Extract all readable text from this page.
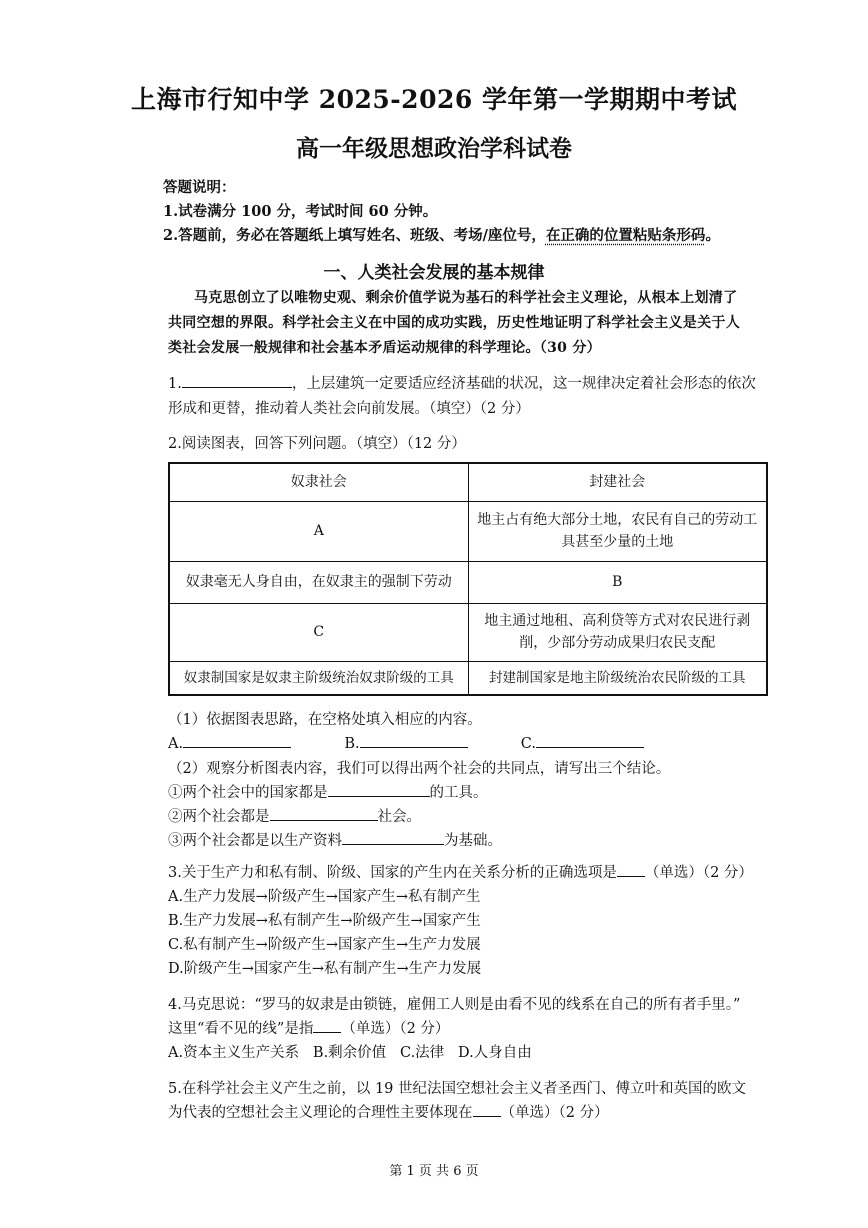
上海市行知中学 2025-2026 学年第一学期期中考试
高一年级思想政治学科试卷
答题说明：
1.试卷满分 100 分，考试时间 60 分钟。
2.答题前，务必在答题纸上填写姓名、班级、考场/座位号，在正确的位置粘贴条形码。
一、人类社会发展的基本规律
马克思创立了以唯物史观、剩余价值学说为基石的科学社会主义理论，从根本上划清了
共同空想的界限。科学社会主义在中国的成功实践，历史性地证明了科学社会主义是关于人
类社会发展一般规律和社会基本矛盾运动规律的科学理论。（30 分）
1.	，上层建筑一定要适应经济基础的状况，这一规律决定着社会形态的依次
形成和更替，推动着人类社会向前发展。（填空）（2 分）
2.阅读图表，回答下列问题。（填空）（12 分）
奴隶社会	封建社会
A	地主占有绝大部分土地，农民有自己的劳动工具甚至少量的土地
奴隶毫无人身自由，在奴隶主的强制下劳动	B
C	地主通过地租、高利贷等方式对农民进行剥削，少部分劳动成果归农民支配
奴隶制国家是奴隶主阶级统治奴隶阶级的工具	封建制国家是地主阶级统治农民阶级的工具
（1）依据图表思路，在空格处填入相应的内容。
A.	B.	C.
（2）观察分析图表内容，我们可以得出两个社会的共同点，请写出三个结论。
①两个社会中的国家都是	的工具。
②两个社会都是	社会。
③两个社会都是以生产资料	为基础。
3.关于生产力和私有制、阶级、国家的产生内在关系分析的正确选项是 （单选）（2 分）
A.生产力发展→阶级产生→国家产生→私有制产生
B.生产力发展→私有制产生→阶级产生→国家产生
C.私有制产生→阶级产生→国家产生→生产力发展
D.阶级产生→国家产生→私有制产生→生产力发展
4.马克思说：“罗马的奴隶是由锁链，雇佣工人则是由看不见的线系在自己的所有者手里。”
这里“看不见的线”是指 （单选）（2 分）
A.资本主义生产关系   B.剩余价值   C.法律   D.人身自由
5.在科学社会主义产生之前，以 19 世纪法国空想社会主义者圣西门、傅立叶和英国的欧文
为代表的空想社会主义理论的合理性主要体现在 （单选）（2 分）
第 1 页 共 6 页
